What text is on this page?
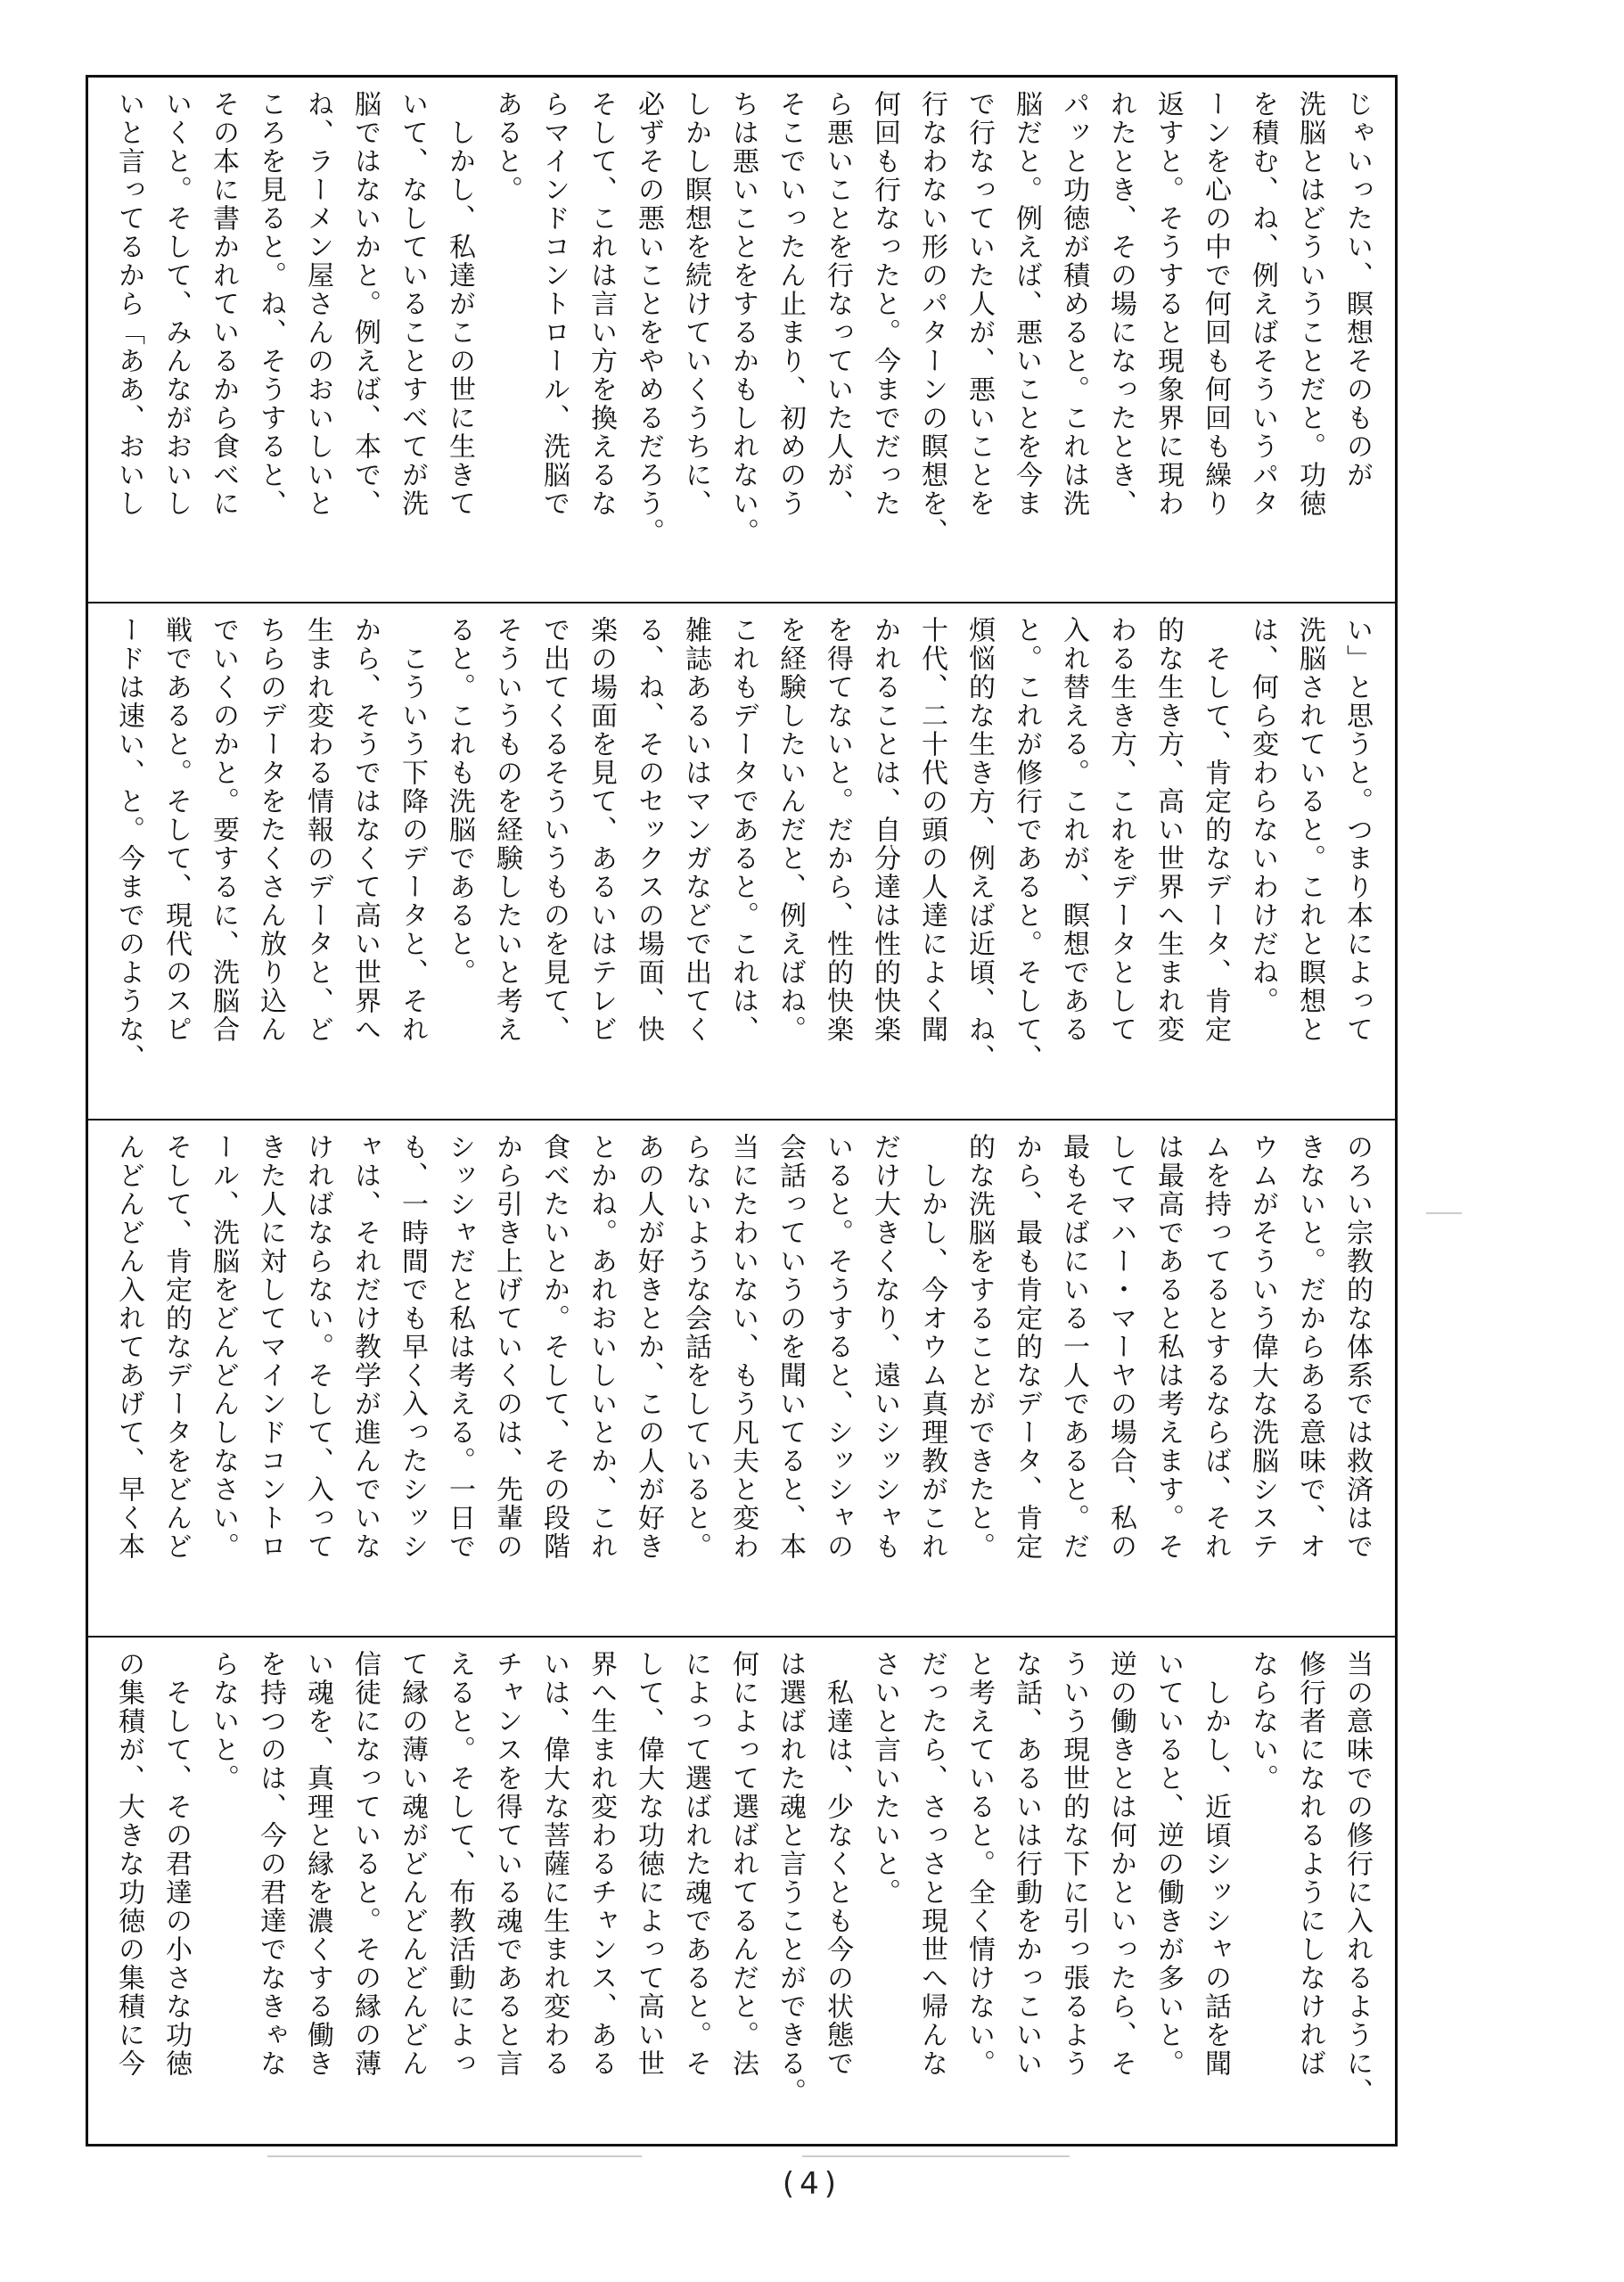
じゃいったい、瞑想そのものが
洗脳とはどういうことだと。功徳
を積む、ね、例えばそういうパタ
ーンを心の中で何回も何回も繰り
返すと。そうすると現象界に現わ
れたとき、その場になったとき、
パッと功徳が積めると。これは洗
脳だと。例えば、悪いことを今ま
で行なっていた人が、悪いことを
行なわない形のパターンの瞑想を、
何回も行なったと。今までだった
ら悪いことを行なっていた人が、
そこでいったん止まり、初めのう
ちは悪いことをするかもしれない。
しかし瞑想を続けていくうちに、
必ずその悪いことをやめるだろう。
そして、これは言い方を換えるな
らマインドコントロール、洗脳で
あると。
　しかし、私達がこの世に生きて
いて、なしていることすべてが洗
脳ではないかと。例えば、本で、
ね、ラーメン屋さんのおいしいと
ころを見ると。ね、そうすると、
その本に書かれているから食べに
いくと。そして、みんながおいし
いと言ってるから「ああ、おいし
い」と思うと。つまり本によって
洗脳されていると。これと瞑想と
は、何ら変わらないわけだね。
　そして、肯定的なデータ、肯定
的な生き方、高い世界へ生まれ変
わる生き方、これをデータとして
入れ替える。これが、瞑想である
と。これが修行であると。そして、
煩悩的な生き方、例えば近頃、ね、
十代、二十代の頭の人達によく聞
かれることは、自分達は性的快楽
を得てないと。だから、性的快楽
を経験したいんだと、例えばね。
これもデータであると。これは、
雑誌あるいはマンガなどで出てく
る、ね、そのセックスの場面、快
楽の場面を見て、あるいはテレビ
で出てくるそういうものを見て、
そういうものを経験したいと考え
ると。これも洗脳であると。
　こういう下降のデータと、それ
から、そうではなくて高い世界へ
生まれ変わる情報のデータと、ど
ちらのデータをたくさん放り込ん
でいくのかと。要するに、洗脳合
戦であると。そして、現代のスピ
ードは速い、と。今までのような、
のろい宗教的な体系では救済はで
きないと。だからある意味で、オ
ウムがそういう偉大な洗脳システ
ムを持ってるとするならば、それ
は最高であると私は考えます。そ
してマハー・マーヤの場合、私の
最もそばにいる一人であると。だ
から、最も肯定的なデータ、肯定
的な洗脳をすることができたと。
　しかし、今オウム真理教がこれ
だけ大きくなり、遠いシッシャも
いると。そうすると、シッシャの
会話っていうのを聞いてると、本
当にたわいない、もう凡夫と変わ
らないような会話をしていると。
あの人が好きとか、この人が好き
とかね。あれおいしいとか、これ
食べたいとか。そして、その段階
から引き上げていくのは、先輩の
シッシャだと私は考える。一日で
も、一時間でも早く入ったシッシ
ャは、それだけ教学が進んでいな
ければならない。そして、入って
きた人に対してマインドコントロ
ール、洗脳をどんどんしなさい。
そして、肯定的なデータをどんど
んどんどん入れてあげて、早く本
当の意味での修行に入れるように、
修行者になれるようにしなければ
ならない。
　しかし、近頃シッシャの話を聞
いていると、逆の働きが多いと。
逆の働きとは何かといったら、そ
ういう現世的な下に引っ張るよう
な話、あるいは行動をかっこいい
と考えていると。全く情けない。
だったら、さっさと現世へ帰んな
さいと言いたいと。
　私達は、少なくとも今の状態で
は選ばれた魂と言うことができる。
何によって選ばれてるんだと。法
によって選ばれた魂であると。そ
して、偉大な功徳によって高い世
界へ生まれ変わるチャンス、ある
いは、偉大な菩薩に生まれ変わる
チャンスを得ている魂であると言
えると。そして、布教活動によっ
て縁の薄い魂がどんどんどんどん
信徒になっていると。その縁の薄
い魂を、真理と縁を濃くする働き
を持つのは、今の君達でなきゃな
らないと。
　そして、その君達の小さな功徳
の集積が、大きな功徳の集積に今
(4)
